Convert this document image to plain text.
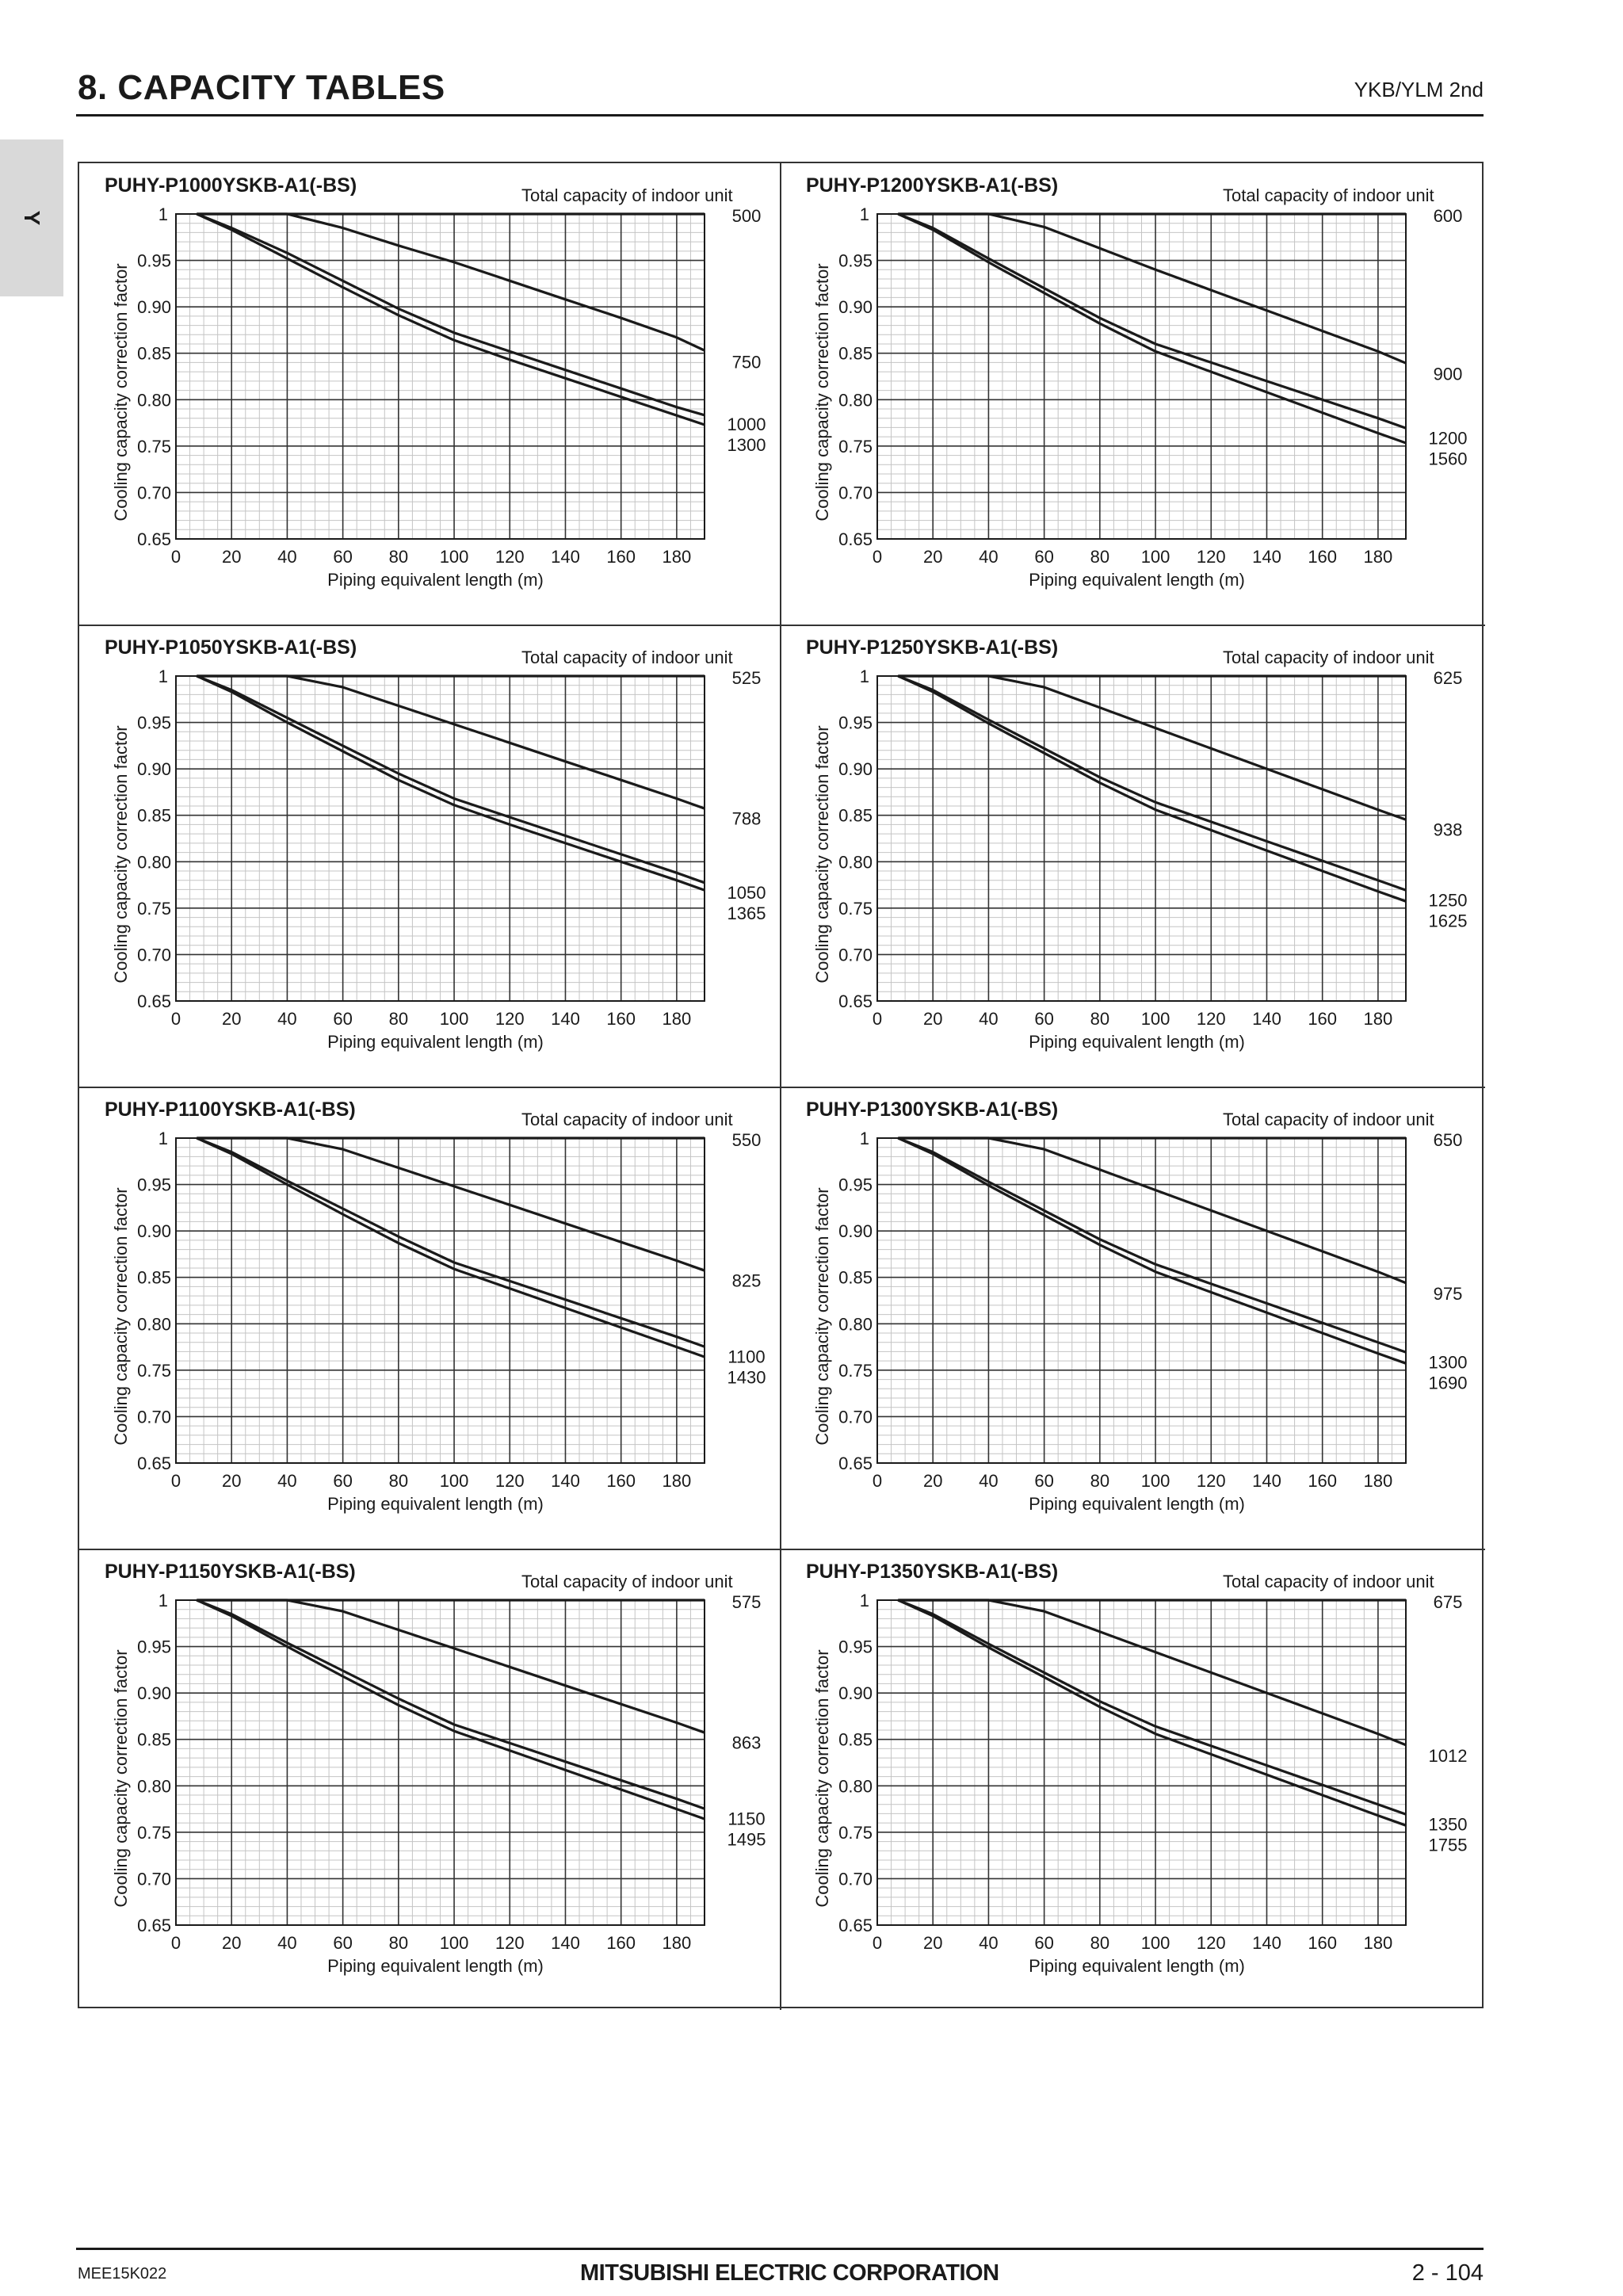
8. CAPACITY TABLES	YKB/YLM 2nd
Y
PUHY-P1000YSKB-A1(-BS)	Total capacity of indoor unit
1
0.95
0.90
0.85
0.80
0.75
0.70
0.65
0 20 40 60 80 100 120 140 160 180
Piping equivalent length (m)
Cooling capacity correction factor
500
750
1000
1300
PUHY-P1200YSKB-A1(-BS)	Total capacity of indoor unit
1
0.95
0.90
0.85
0.80
0.75
0.70
0.65
0 20 40 60 80 100 120 140 160 180
Piping equivalent length (m)
Cooling capacity correction factor
600
900
1200
1560
PUHY-P1050YSKB-A1(-BS)	Total capacity of indoor unit
1
0.95
0.90
0.85
0.80
0.75
0.70
0.65
0 20 40 60 80 100 120 140 160 180
Piping equivalent length (m)
Cooling capacity correction factor
525
788
1050
1365
PUHY-P1250YSKB-A1(-BS)	Total capacity of indoor unit
1
0.95
0.90
0.85
0.80
0.75
0.70
0.65
0 20 40 60 80 100 120 140 160 180
Piping equivalent length (m)
Cooling capacity correction factor
625
938
1250
1625
PUHY-P1100YSKB-A1(-BS)	Total capacity of indoor unit
1
0.95
0.90
0.85
0.80
0.75
0.70
0.65
0 20 40 60 80 100 120 140 160 180
Piping equivalent length (m)
Cooling capacity correction factor
550
825
1100
1430
PUHY-P1300YSKB-A1(-BS)	Total capacity of indoor unit
1
0.95
0.90
0.85
0.80
0.75
0.70
0.65
0 20 40 60 80 100 120 140 160 180
Piping equivalent length (m)
Cooling capacity correction factor
650
975
1300
1690
PUHY-P1150YSKB-A1(-BS)	Total capacity of indoor unit
1
0.95
0.90
0.85
0.80
0.75
0.70
0.65
0 20 40 60 80 100 120 140 160 180
Piping equivalent length (m)
Cooling capacity correction factor
575
863
1150
1495
PUHY-P1350YSKB-A1(-BS)	Total capacity of indoor unit
1
0.95
0.90
0.85
0.80
0.75
0.70
0.65
0 20 40 60 80 100 120 140 160 180
Piping equivalent length (m)
Cooling capacity correction factor
675
1012
1350
1755
MEE15K022	MITSUBISHI ELECTRIC CORPORATION	2 - 104
